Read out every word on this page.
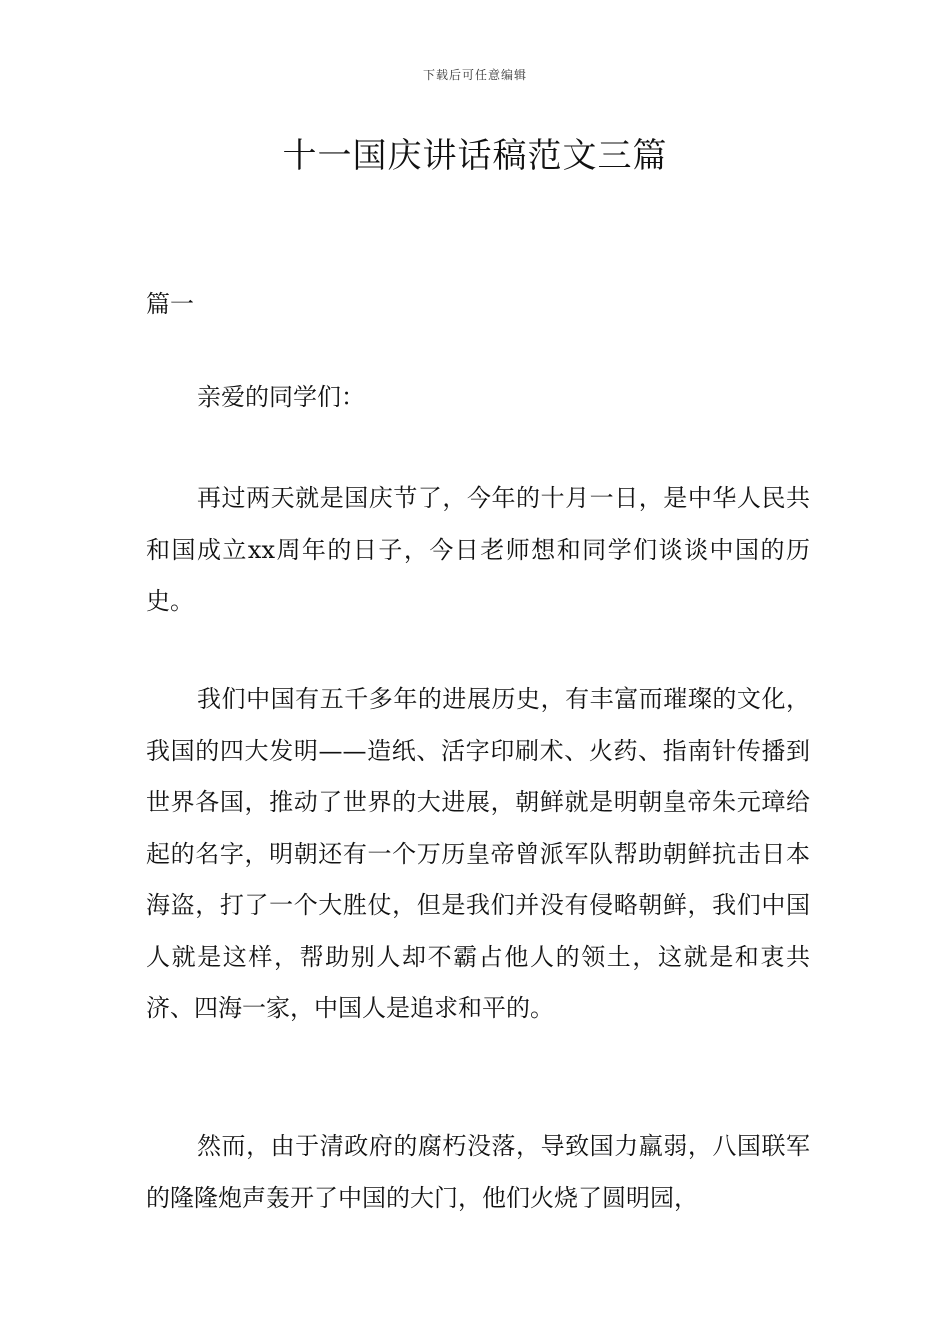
下载后可任意编辑
十一国庆讲话稿范文三篇

篇一

亲爱的同学们：

再过两天就是国庆节了，今年的十月一日，是中华人民共和国成立xx周年的日子，今日老师想和同学们谈谈中国的历史。

我们中国有五千多年的进展历史，有丰富而璀璨的文化，我国的四大发明——造纸、活字印刷术、火药、指南针传播到世界各国，推动了世界的大进展，朝鲜就是明朝皇帝朱元璋给起的名字，明朝还有一个万历皇帝曾派军队帮助朝鲜抗击日本海盗，打了一个大胜仗，但是我们并没有侵略朝鲜，我们中国人就是这样，帮助别人却不霸占他人的领土，这就是和衷共济、四海一家，中国人是追求和平的。

然而，由于清政府的腐朽没落，导致国力羸弱，八国联军的隆隆炮声轰开了中国的大门，他们火烧了圆明园，
